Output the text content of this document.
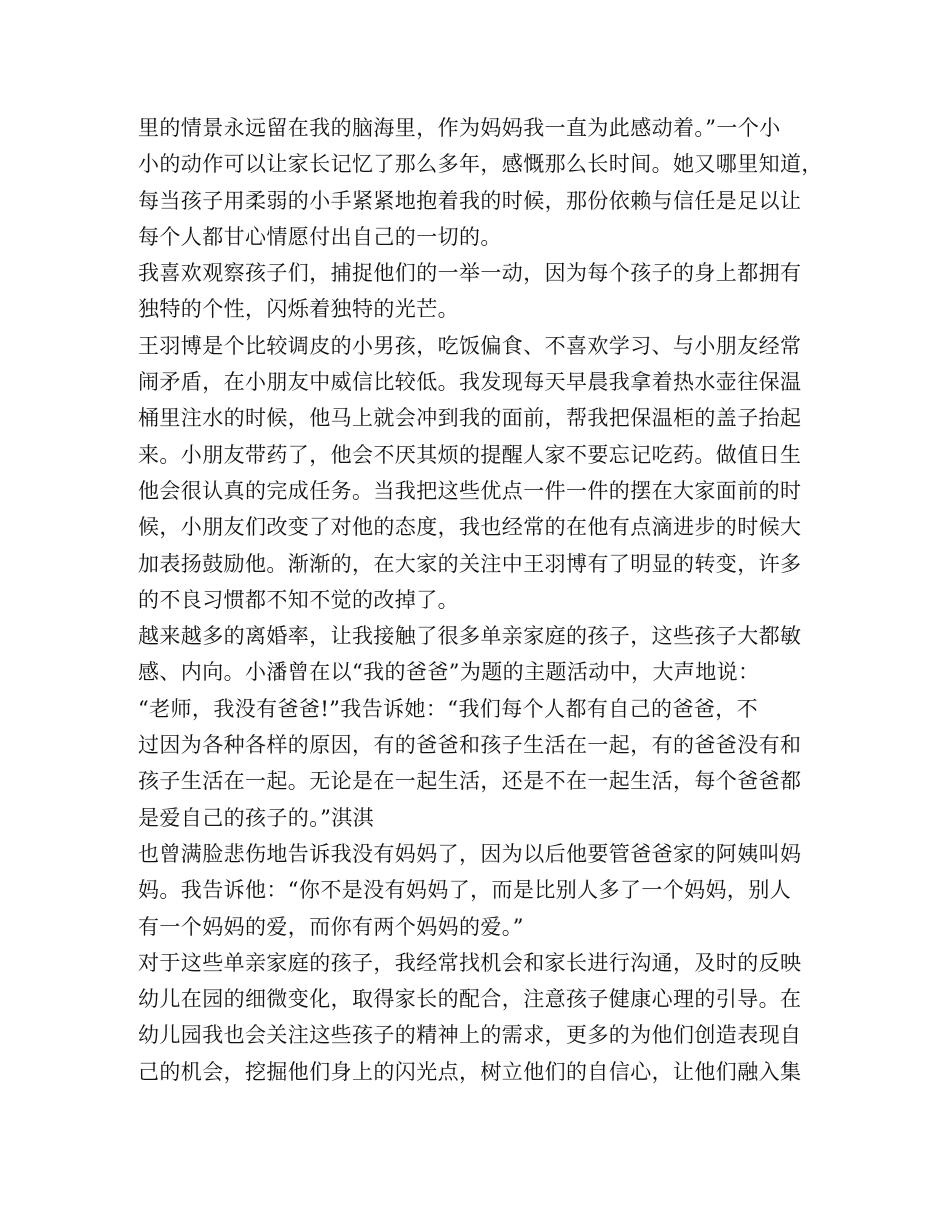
里的情景永远留在我的脑海里，作为妈妈我一直为此感动着。”一个小
小的动作可以让家长记忆了那么多年，感慨那么长时间。她又哪里知道，
每当孩子用柔弱的小手紧紧地抱着我的时候，那份依赖与信任是足以让
每个人都甘心情愿付出自己的一切的。
我喜欢观察孩子们，捕捉他们的一举一动，因为每个孩子的身上都拥有
独特的个性，闪烁着独特的光芒。
王羽博是个比较调皮的小男孩，吃饭偏食、不喜欢学习、与小朋友经常
闹矛盾，在小朋友中威信比较低。我发现每天早晨我拿着热水壶往保温
桶里注水的时候，他马上就会冲到我的面前，帮我把保温柜的盖子抬起
来。小朋友带药了，他会不厌其烦的提醒人家不要忘记吃药。做值日生
他会很认真的完成任务。当我把这些优点一件一件的摆在大家面前的时
候，小朋友们改变了对他的态度，我也经常的在他有点滴进步的时候大
加表扬鼓励他。渐渐的，在大家的关注中王羽博有了明显的转变，许多
的不良习惯都不知不觉的改掉了。
越来越多的离婚率，让我接触了很多单亲家庭的孩子，这些孩子大都敏
感、内向。小潘曾在以“我的爸爸”为题的主题活动中，大声地说：
“老师，我没有爸爸!”我告诉她：“我们每个人都有自己的爸爸，不
过因为各种各样的原因，有的爸爸和孩子生活在一起，有的爸爸没有和
孩子生活在一起。无论是在一起生活，还是不在一起生活，每个爸爸都
是爱自己的孩子的。”淇淇
也曾满脸悲伤地告诉我没有妈妈了，因为以后他要管爸爸家的阿姨叫妈
妈。我告诉他：“你不是没有妈妈了，而是比别人多了一个妈妈，别人
有一个妈妈的爱，而你有两个妈妈的爱。”
对于这些单亲家庭的孩子，我经常找机会和家长进行沟通，及时的反映
幼儿在园的细微变化，取得家长的配合，注意孩子健康心理的引导。在
幼儿园我也会关注这些孩子的精神上的需求，更多的为他们创造表现自
己的机会，挖掘他们身上的闪光点，树立他们的自信心，让他们融入集
